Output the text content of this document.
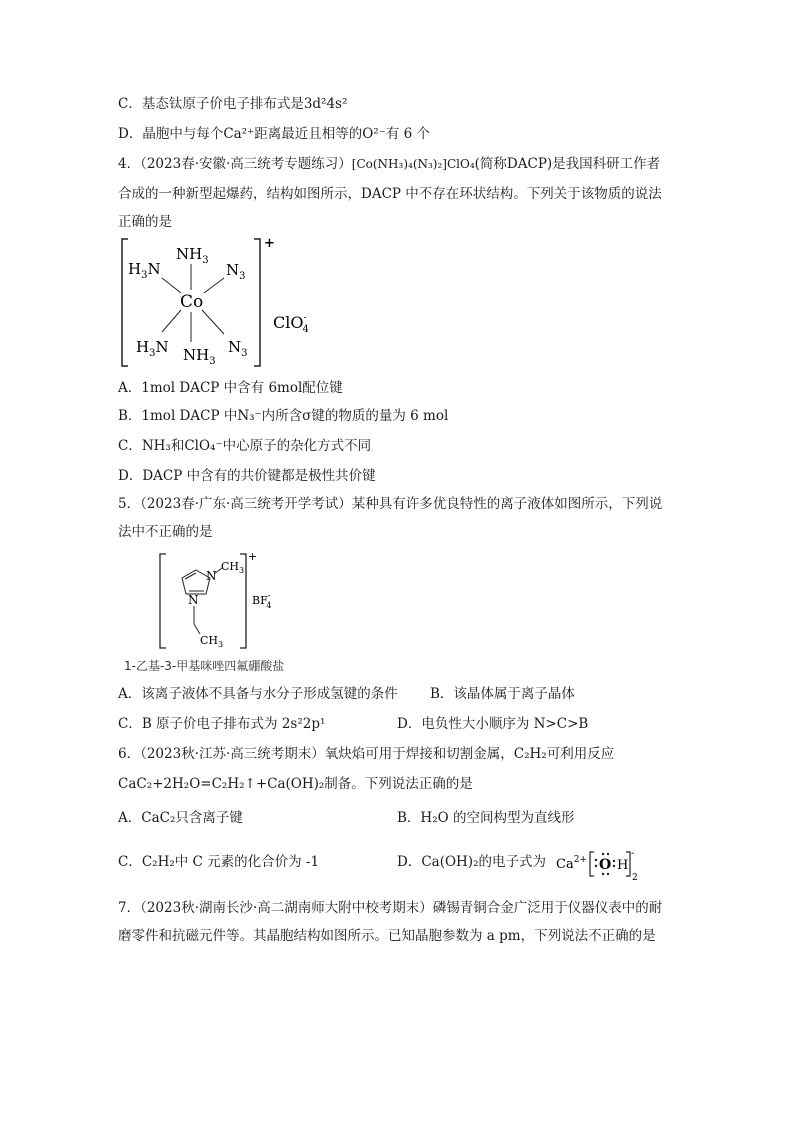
C．基态钛原子价电子排布式是3d²4s²
D．晶胞中与每个Ca²⁺距离最近且相等的O²⁻有 6 个
4．（2023春·安徽·高三统考专题练习）[Co(NH₃)₄(N₃)₂]ClO₄(简称DACP)是我国科研工作者
合成的一种新型起爆药，结构如图所示，DACP 中不存在环状结构。下列关于该物质的说法
正确的是
Co
$NH_3$
$H_3N$	$N_3$
$H_3N$ $NH_3$
$N_3$
+
ClO-4
A．1mol DACP 中含有 6mol配位键
B．1mol DACP 中N₃⁻内所含σ键的物质的量为 6 mol
C．NH₃和ClO₄⁻中心原子的杂化方式不同
D．DACP 中含有的共价键都是极性共价键
5．（2023春·广东·高三统考开学考试）某种具有许多优良特性的离子液体如图所示，下列说
法中不正确的是
N
N
$CH_3$
$CH_3$
+
BF-4
1-乙基-3-甲基咪唑四氟硼酸盐
A．该离子液体不具备与水分子形成氢键的条件 B．该晶体属于离子晶体
C．B 原子价电子排布式为 2s²2p¹	D．电负性大小顺序为 N>C>B
6．（2023秋·江苏·高三统考期末）氧炔焰可用于焊接和切割金属，C₂H₂可利用反应
CaC₂+2H₂O=C₂H₂↑+Ca(OH)₂制备。下列说法正确的是
A．CaC₂只含离子键	B．H₂O 的空间构型为直线形
C．C₂H₂中 C 元素的化合价为 -1	D．Ca(OH)₂的电子式为 $Ca^{2+}$ O H
-
2
7．（2023秋·湖南长沙·高二湖南师大附中校考期末）磷锡青铜合金广泛用于仪器仪表中的耐
磨零件和抗磁元件等。其晶胞结构如图所示。已知晶胞参数为 a pm，下列说法不正确的是
